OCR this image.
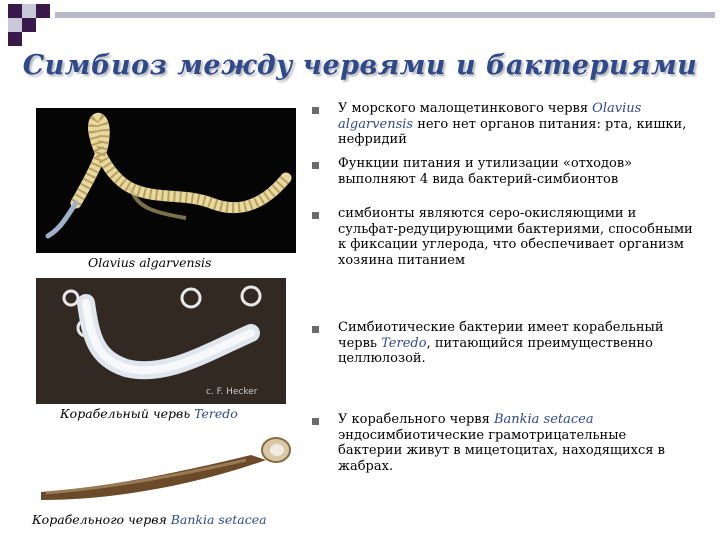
Симбиоз между червями и бактериями
Olavius algarvensis
c. F. Hecker
Корабельный червь Teredo
Корабельного червя Bankia setacea
У морского малощетинкового червя Olavius algarvensis него нет органов питания: рта, кишки, нефридий
Функции питания и утилизации «отходов» выполняют 4 вида бактерий-симбионтов
симбионты являются серо-окисляющими и сульфат-редуцирующими бактериями, способными к фиксации углерода, что обеспечивает организм хозяина питанием
Симбиотические бактерии имеет корабельный червь Teredo, питающийся преимущественно целлюлозой.
У корабельного червя Bankia setacea эндосимбиотические грамотрицательные бактерии живут в мицетоцитах, находящихся в жабрах.
